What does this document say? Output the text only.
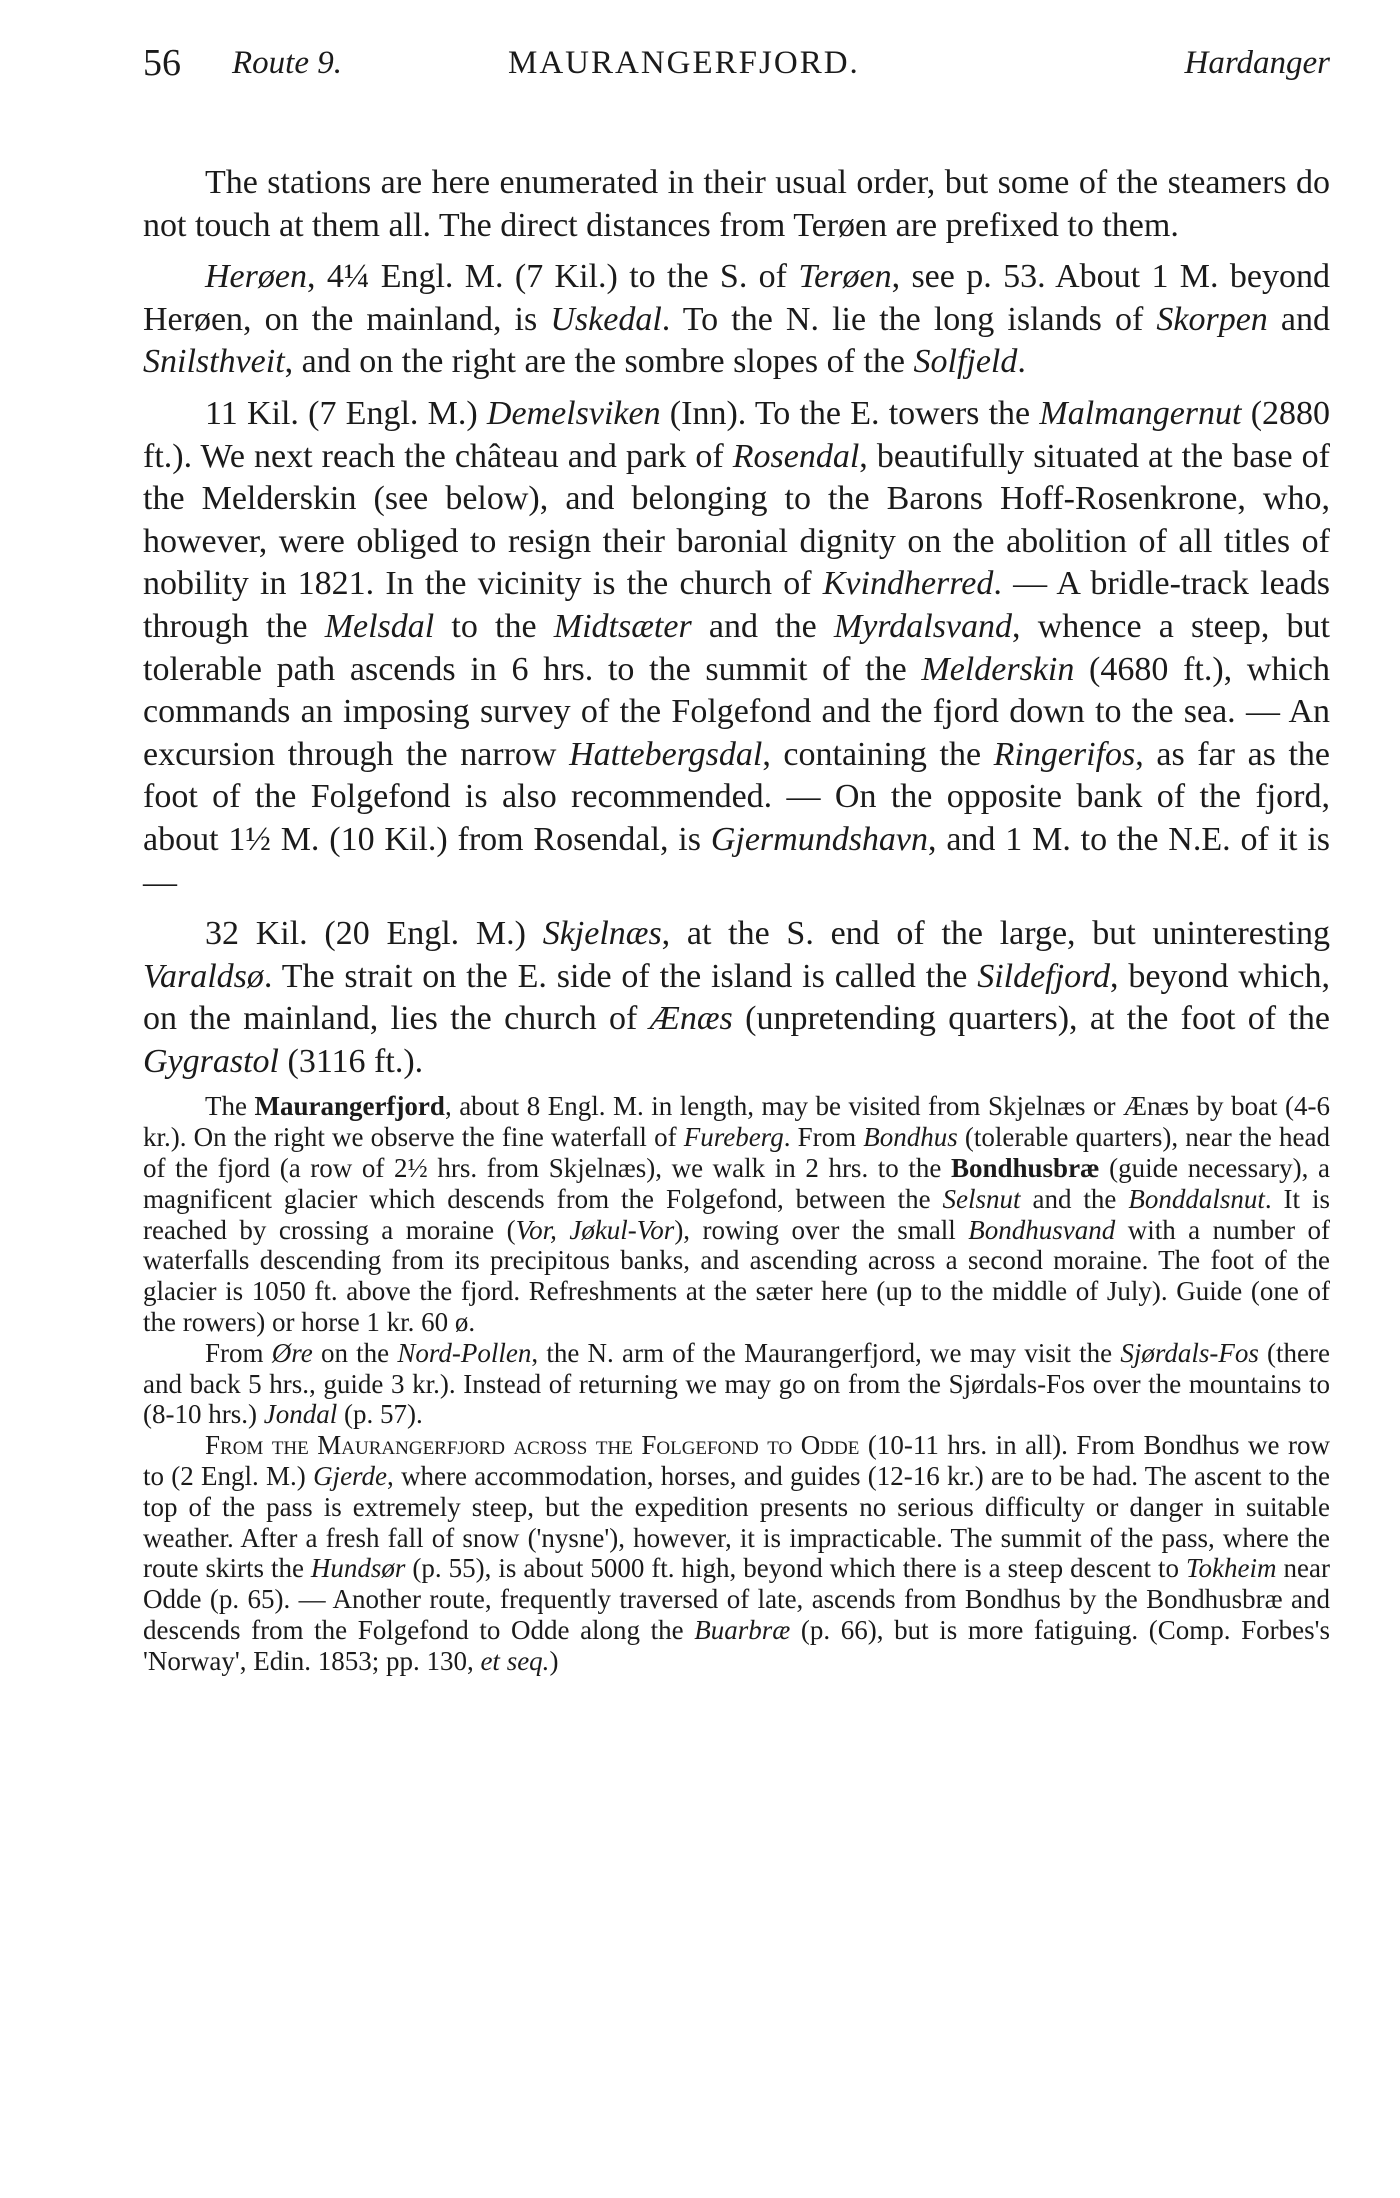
56 Route 9.	MAURANGERFJORD.	Hardanger

The stations are here enumerated in their usual order, but some of the steamers do not touch at them all. The direct distances from Terøen are prefixed to them.

Herøen, 4¼ Engl. M. (7 Kil.) to the S. of Terøen, see p. 53. About 1 M. beyond Herøen, on the mainland, is Uskedal. To the N. lie the long islands of Skorpen and Snilsthveit, and on the right are the sombre slopes of the Solfjeld.

11 Kil. (7 Engl. M.) Demelsviken (Inn). To the E. towers the Malmangernut (2880 ft.). We next reach the château and park of Rosendal, beautifully situated at the base of the Melderskin (see below), and belonging to the Barons Hoff-Rosenkrone, who, however, were obliged to resign their baronial dignity on the abolition of all titles of nobility in 1821. In the vicinity is the church of Kvindherred. — A bridle-track leads through the Melsdal to the Midtsæter and the Myrdalsvand, whence a steep, but tolerable path ascends in 6 hrs. to the summit of the Melderskin (4680 ft.), which commands an imposing survey of the Folgefond and the fjord down to the sea. — An excursion through the narrow Hattebergsdal, containing the Ringerifos, as far as the foot of the Folgefond is also recommended. — On the opposite bank of the fjord, about 1½ M. (10 Kil.) from Rosendal, is Gjermundshavn, and 1 M. to the N.E. of it is —

32 Kil. (20 Engl. M.) Skjelnæs, at the S. end of the large, but uninteresting Varaldsø. The strait on the E. side of the island is called the Sildefjord, beyond which, on the mainland, lies the church of Ænæs (unpretending quarters), at the foot of the Gygrastol (3116 ft.).

The Maurangerfjord, about 8 Engl. M. in length, may be visited from Skjelnæs or Ænæs by boat (4-6 kr.). On the right we observe the fine waterfall of Fureberg. From Bondhus (tolerable quarters), near the head of the fjord (a row of 2½ hrs. from Skjelnæs), we walk in 2 hrs. to the Bondhusbræ (guide necessary), a magnificent glacier which descends from the Folgefond, between the Selsnut and the Bonddalsnut. It is reached by crossing a moraine (Vor, Jøkul-Vor), rowing over the small Bondhusvand with a number of waterfalls descending from its precipitous banks, and ascending across a second moraine. The foot of the glacier is 1050 ft. above the fjord. Refreshments at the sæter here (up to the middle of July). Guide (one of the rowers) or horse 1 kr. 60 ø.

From Øre on the Nord-Pollen, the N. arm of the Maurangerfjord, we may visit the Sjørdals-Fos (there and back 5 hrs., guide 3 kr.). Instead of returning we may go on from the Sjørdals-Fos over the mountains to (8-10 hrs.) Jondal (p. 57).

From the Maurangerfjord across the Folgefond to Odde (10-11 hrs. in all). From Bondhus we row to (2 Engl. M.) Gjerde, where accommodation, horses, and guides (12-16 kr.) are to be had. The ascent to the top of the pass is extremely steep, but the expedition presents no serious difficulty or danger in suitable weather. After a fresh fall of snow ('nysne'), however, it is impracticable. The summit of the pass, where the route skirts the Hundsør (p. 55), is about 5000 ft. high, beyond which there is a steep descent to Tokheim near Odde (p. 65). — Another route, frequently traversed of late, ascends from Bondhus by the Bondhusbræ and descends from the Folgefond to Odde along the Buarbræ (p. 66), but is more fatiguing. (Comp. Forbes's 'Norway', Edin. 1853; pp. 130, et seq.)
